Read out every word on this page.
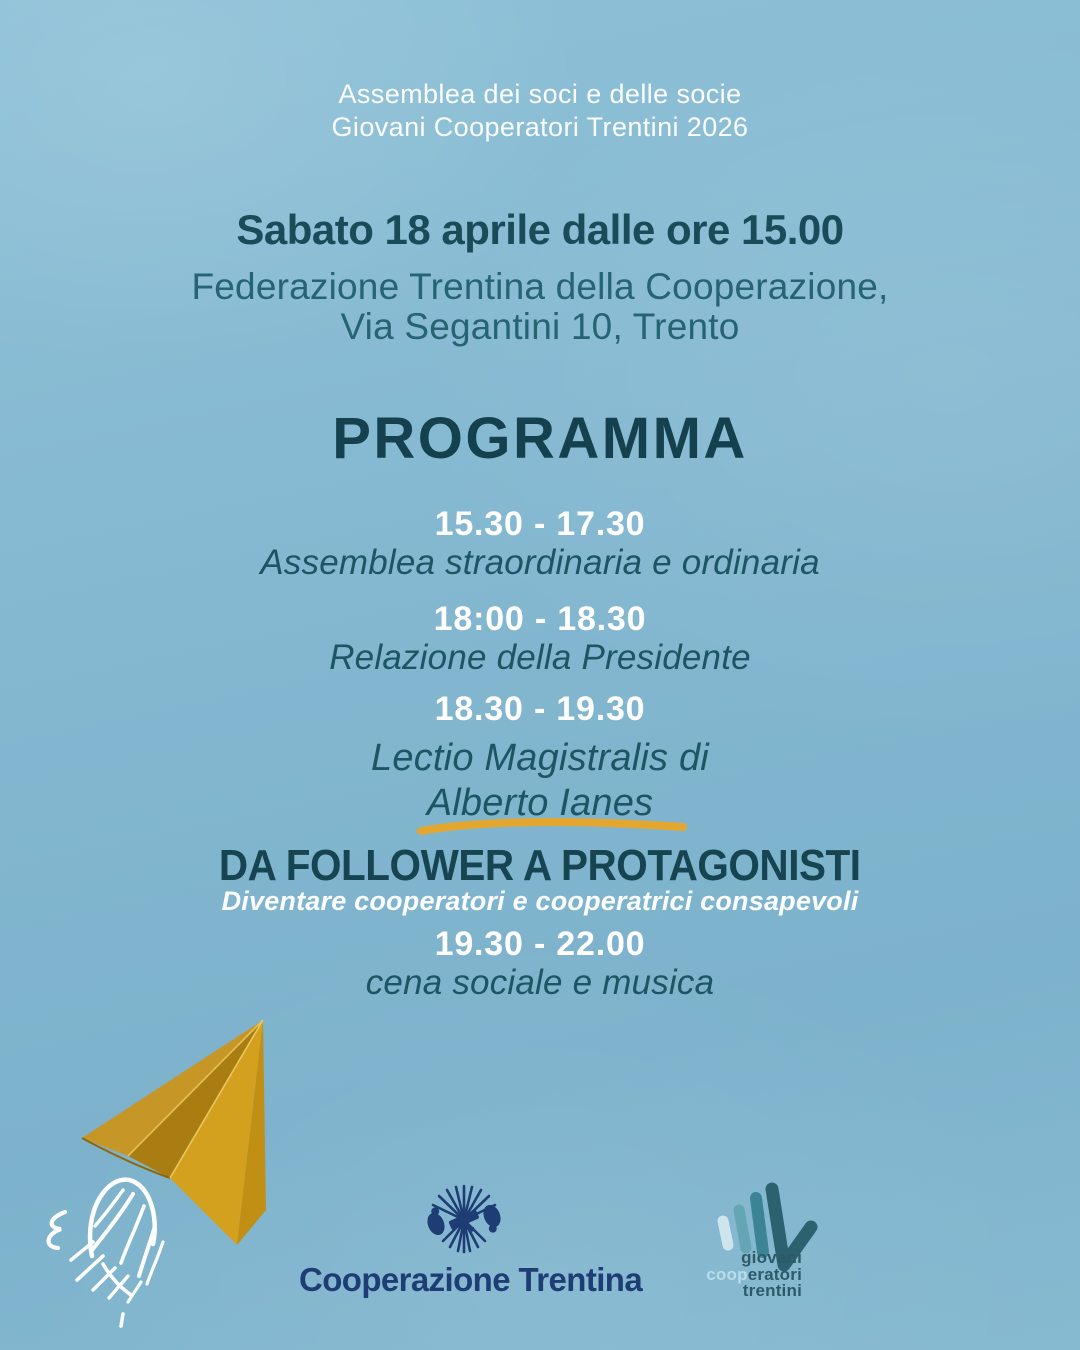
Assemblea dei soci e delle socie
Giovani Cooperatori Trentini 2026
Sabato 18 aprile dalle ore 15.00
Federazione Trentina della Cooperazione,
Via Segantini 10, Trento
PROGRAMMA
15.30 - 17.30
Assemblea straordinaria e ordinaria
18:00 - 18.30
Relazione della Presidente
18.30 - 19.30
Lectio Magistralis di
Alberto Ianes
DA FOLLOWER A PROTAGONISTI
Diventare cooperatori e cooperatrici consapevoli
19.30 - 22.00
cena sociale e musica
Cooperazione Trentina
giovani
cooperatori
trentini
